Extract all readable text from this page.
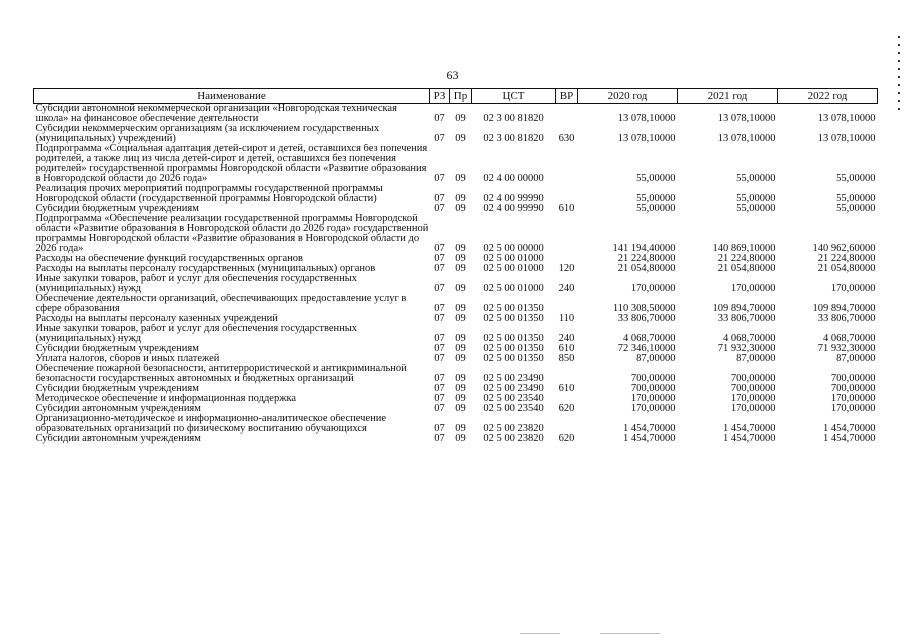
63
Наименование	РЗ	Пр	ЦСТ	ВР	2020 год	2021 год	2022 год
Субсидии автономной некоммерческой организации «Новгородская техническая школа» на финансовое обеспечение деятельности	07	09	02 3 00 81820		13 078,10000	13 078,10000	13 078,10000
Субсидии некоммерческим организациям (за исключением государственных (муниципальных) учреждений)	07	09	02 3 00 81820	630	13 078,10000	13 078,10000	13 078,10000
Подпрограмма «Социальная адаптация детей-сирот и детей, оставшихся без попечения родителей, а также лиц из числа детей-сирот и детей, оставшихся без попечения родителей» государственной программы Новгородской области «Развитие образования в Новгородской области до 2026 года»	07	09	02 4 00 00000		55,00000	55,00000	55,00000
Реализация прочих мероприятий подпрограммы государственной программы Новгородской области (государственной программы Новгородской области)	07	09	02 4 00 99990		55,00000	55,00000	55,00000
Субсидии бюджетным учреждениям	07	09	02 4 00 99990	610	55,00000	55,00000	55,00000
Подпрограмма «Обеспечение реализации государственной программы Новгородской области «Развитие образования в Новгородской области до 2026 года» государственной программы Новгородской области «Развитие образования в Новгородской области до 2026 года»	07	09	02 5 00 00000		141 194,40000	140 869,10000	140 962,60000
Расходы на обеспечение функций государственных органов	07	09	02 5 00 01000		21 224,80000	21 224,80000	21 224,80000
Расходы на выплаты персоналу государственных (муниципальных) органов	07	09	02 5 00 01000	120	21 054,80000	21 054,80000	21 054,80000
Иные закупки товаров, работ и услуг для обеспечения государственных (муниципальных) нужд	07	09	02 5 00 01000	240	170,00000	170,00000	170,00000
Обеспечение деятельности организаций, обеспечивающих предоставление услуг в сфере образования	07	09	02 5 00 01350		110 308,50000	109 894,70000	109 894,70000
Расходы на выплаты персоналу казенных учреждений	07	09	02 5 00 01350	110	33 806,70000	33 806,70000	33 806,70000
Иные закупки товаров, работ и услуг для обеспечения государственных (муниципальных) нужд	07	09	02 5 00 01350	240	4 068,70000	4 068,70000	4 068,70000
Субсидии бюджетным учреждениям	07	09	02 5 00 01350	610	72 346,10000	71 932,30000	71 932,30000
Уплата налогов, сборов и иных платежей	07	09	02 5 00 01350	850	87,00000	87,00000	87,00000
Обеспечение пожарной безопасности, антитеррористической и антикриминальной безопасности государственных автономных и бюджетных организаций	07	09	02 5 00 23490		700,00000	700,00000	700,00000
Субсидии бюджетным учреждениям	07	09	02 5 00 23490	610	700,00000	700,00000	700,00000
Методическое обеспечение и информационная поддержка	07	09	02 5 00 23540		170,00000	170,00000	170,00000
Субсидии автономным учреждениям	07	09	02 5 00 23540	620	170,00000	170,00000	170,00000
Организационно-методическое и информационно-аналитическое обеспечение образовательных организаций по физическому воспитанию обучающихся	07	09	02 5 00 23820		1 454,70000	1 454,70000	1 454,70000
Субсидии автономным учреждениям	07	09	02 5 00 23820	620	1 454,70000	1 454,70000	1 454,70000
